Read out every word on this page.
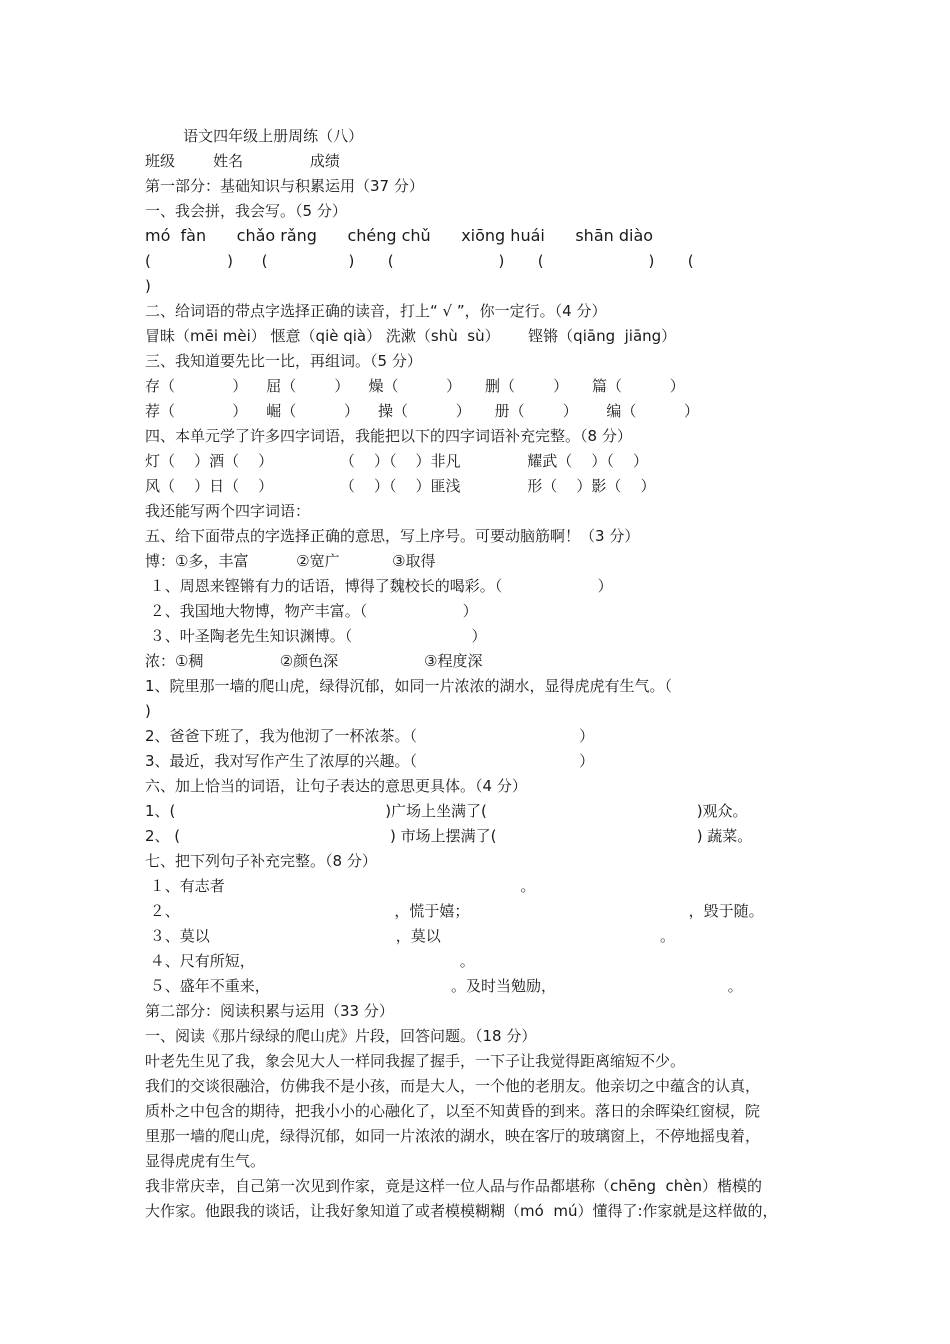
语文四年级上册周练（八）
班级        姓名              成绩
第一部分：基础知识与积累运用（37 分）
一、我会拼，我会写。（5 分）
mó  fàn      chǎo rǎng      chéng chǔ      xiōng huái      shān diào
(                )      (                 )       (                      )       (                      )       (
)
二、给词语的带点字选择正确的读音，打上“ √ ”，你一定行。（4 分）
冒昧（mēi mèi） 惬意（qiè qià） 洗漱（shù  sù）      铿锵（qiāng  jiāng）
三、我知道要先比一比，再组词。（5 分）
存（            ）    屈（        ）    燥（          ）     删（        ）     篇（          ）
荐（            ）    崛（          ）    操（          ）     册（        ）      编（          ）
四、本单元学了许多四字词语，我能把以下的四字词语补充完整。（8 分）
灯（    ）酒（    ）              （    ）（    ）非凡              耀武（    ）（    ）
风（    ）日（    ）              （    ）（    ）匪浅              形（    ）影（    ）
我还能写两个四字词语：
五、给下面带点的字选择正确的意思，写上序号。可要动脑筋啊！（3 分）
博：①多，丰富          ②宽广           ③取得
１、周恩来铿锵有力的话语，博得了魏校长的喝彩。（                    ）
２、我国地大物博，物产丰富。（                    ）
３、叶圣陶老先生知识渊博。（                         ）
浓：①稠                ②颜色深                  ③程度深
1、院里那一墙的爬山虎，绿得沉郁，如同一片浓浓的湖水，显得虎虎有生气。（
)
2、爸爸下班了，我为他沏了一杯浓茶。（                                  ）
3、最近，我对写作产生了浓厚的兴趣。（                                  ）
六、加上恰当的词语，让句子表达的意思更具体。（4 分）
1、(                                            )广场上坐满了(                                            )观众。
2、 (                                            ) 市场上摆满了(                                          ) 蔬菜。
七、把下列句子补充完整。（8 分）
１、有志者                                                              。
２、                                             ，慌于嬉；                                              ，毁于随。
３、莫以                                       ，莫以                                              。
４、尺有所短，                                           。
５、盛年不重来，                                      。及时当勉励，                                    。
第二部分：阅读积累与运用（33 分）
一、阅读《那片绿绿的爬山虎》片段，回答问题。（18 分）
叶老先生见了我，象会见大人一样同我握了握手，一下子让我觉得距离缩短不少。
我们的交谈很融洽，仿佛我不是小孩，而是大人，一个他的老朋友。他亲切之中蕴含的认真，
质朴之中包含的期待，把我小小的心融化了，以至不知黄昏的到来。落日的余晖染红窗棂，院
里那一墙的爬山虎，绿得沉郁，如同一片浓浓的湖水，映在客厅的玻璃窗上，不停地摇曳着，
显得虎虎有生气。
我非常庆幸，自己第一次见到作家，竟是这样一位人品与作品都堪称（chēng  chèn）楷模的
大作家。他跟我的谈话，让我好象知道了或者模模糊糊（mó  mú）懂得了:作家就是这样做的，
